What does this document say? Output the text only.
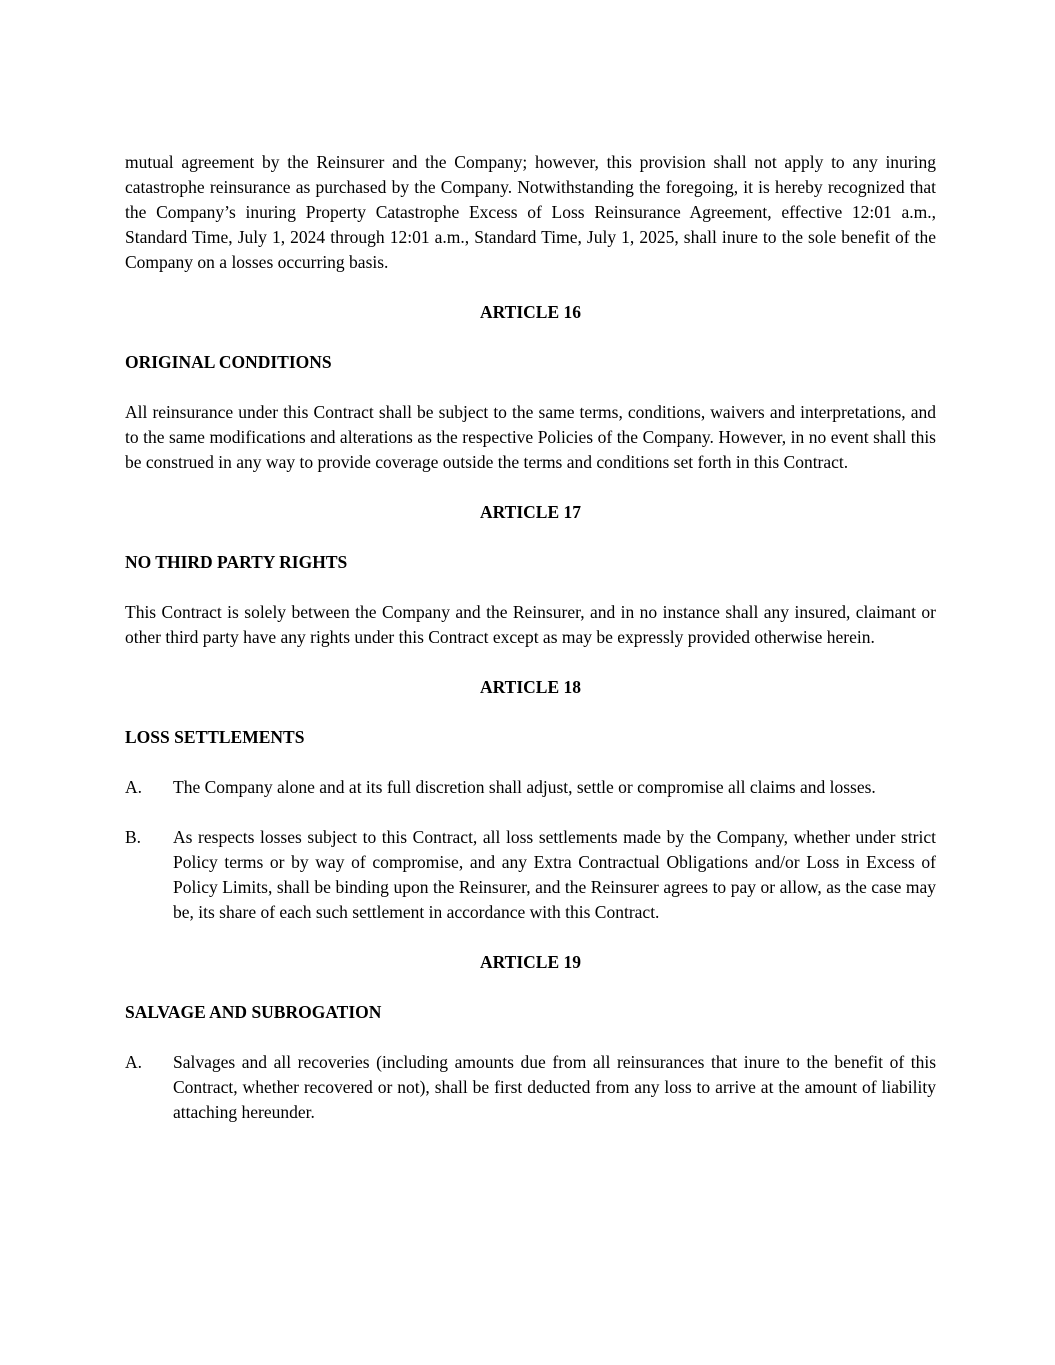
mutual agreement by the Reinsurer and the Company; however, this provision shall not apply to any inuring catastrophe reinsurance as purchased by the Company. Notwithstanding the foregoing, it is hereby recognized that the Company’s inuring Property Catastrophe Excess of Loss Reinsurance Agreement, effective 12:01 a.m., Standard Time, July 1, 2024 through 12:01 a.m., Standard Time, July 1, 2025, shall inure to the sole benefit of the Company on a losses occurring basis.

ARTICLE 16
ORIGINAL CONDITIONS

All reinsurance under this Contract shall be subject to the same terms, conditions, waivers and interpretations, and to the same modifications and alterations as the respective Policies of the Company. However, in no event shall this be construed in any way to provide coverage outside the terms and conditions set forth in this Contract.

ARTICLE 17
NO THIRD PARTY RIGHTS

This Contract is solely between the Company and the Reinsurer, and in no instance shall any insured, claimant or other third party have any rights under this Contract except as may be expressly provided otherwise herein.

ARTICLE 18
LOSS SETTLEMENTS
A.	The Company alone and at its full discretion shall adjust, settle or compromise all claims and losses.
B.	As respects losses subject to this Contract, all loss settlements made by the Company, whether under strict Policy terms or by way of compromise, and any Extra Contractual Obligations and/or Loss in Excess of Policy Limits, shall be binding upon the Reinsurer, and the Reinsurer agrees to pay or allow, as the case may be, its share of each such settlement in accordance with this Contract.
ARTICLE 19
SALVAGE AND SUBROGATION
A.	Salvages and all recoveries (including amounts due from all reinsurances that inure to the benefit of this Contract, whether recovered or not), shall be first deducted from any loss to arrive at the amount of liability attaching hereunder.
